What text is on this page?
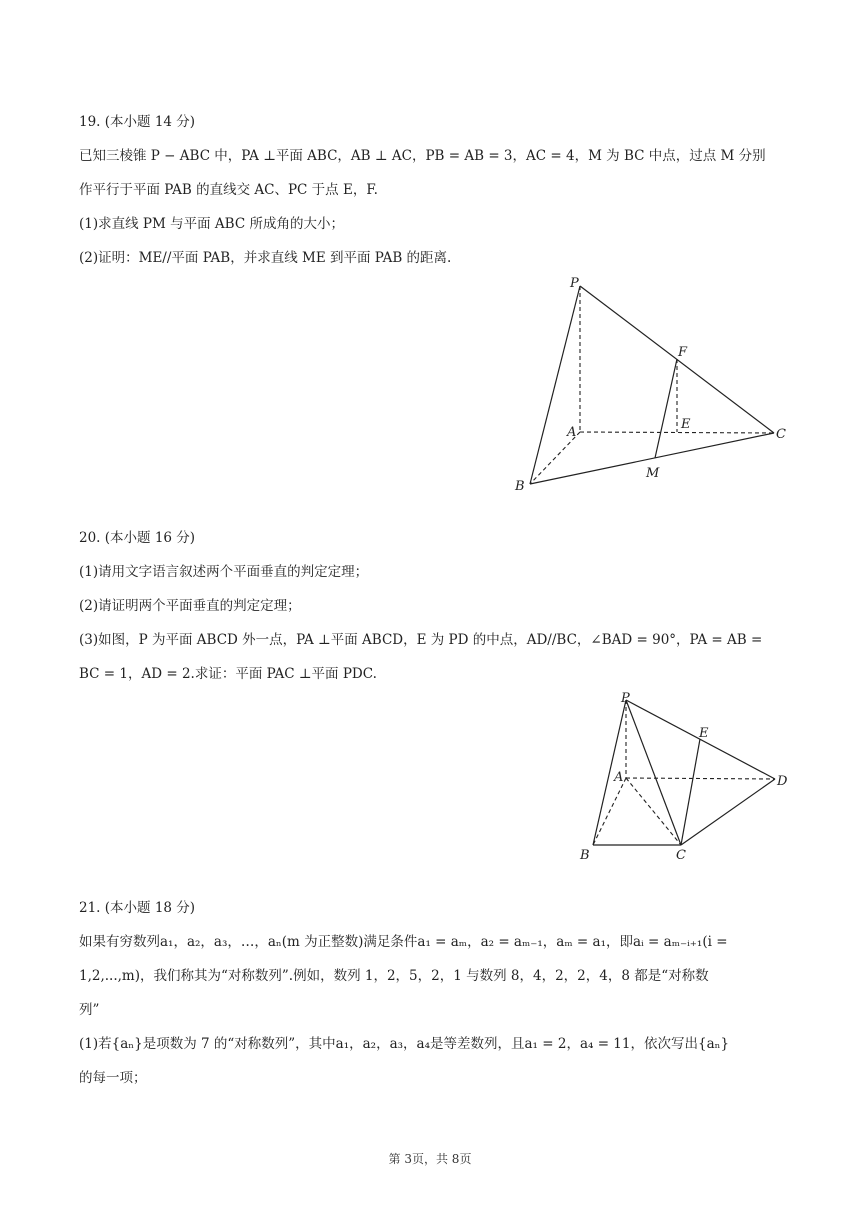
19. (本小题 14 分)
已知三棱锥 P − ABC 中，PA ⊥平面 ABC，AB ⊥ AC，PB = AB = 3，AC = 4，M 为 BC 中点，过点 M 分别
作平行于平面 PAB 的直线交 AC、PC 于点 E，F.
(1)求直线 PM 与平面 ABC 所成角的大小；
(2)证明：ME//平面 PAB，并求直线 ME 到平面 PAB 的距离.
P
F
E
A	C
M
B
20. (本小题 16 分)
(1)请用文字语言叙述两个平面垂直的判定定理；
(2)请证明两个平面垂直的判定定理；
(3)如图，P 为平面 ABCD 外一点，PA ⊥平面 ABCD，E 为 PD 的中点，AD//BC，∠BAD = 90°，PA = AB =
BC = 1，AD = 2.求证：平面 PAC ⊥平面 PDC.
P
E
A	D
B	C
21. (本小题 18 分)
如果有穷数列a₁，a₂，a₃，…，aₙ(m 为正整数)满足条件a₁ = aₘ，a₂ = aₘ₋₁，aₘ = a₁，即aᵢ = aₘ₋ᵢ₊₁(i =
1,2,...,m)，我们称其为“对称数列”.例如，数列 1，2，5，2，1 与数列 8，4，2，2，4，8 都是“对称数
列”
(1)若{aₙ}是项数为 7 的“对称数列”，其中a₁，a₂，a₃，a₄是等差数列，且a₁ = 2，a₄ = 11，依次写出{aₙ}
的每一项；
第 3页，共 8页
